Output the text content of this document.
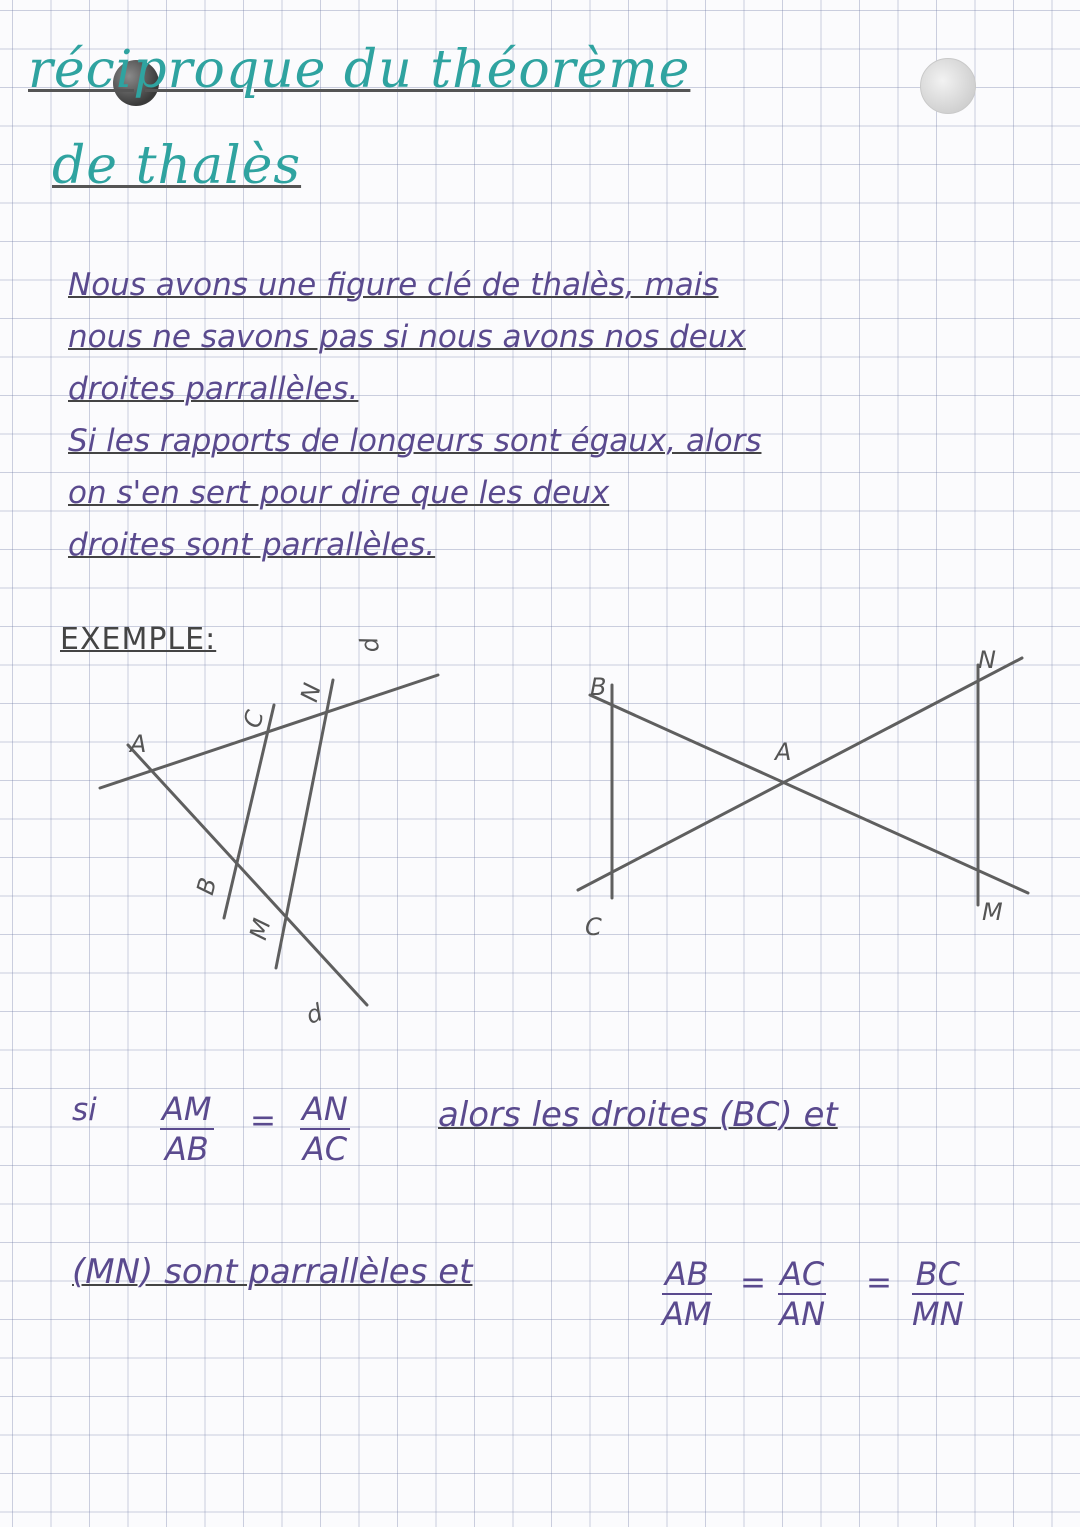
réciproque du théorème
de thalès
Nous avons une figure clé de thalès, mais
nous ne savons pas si nous avons nos deux
droites parrallèles.
Si les rapports de longeurs sont égaux, alors
on s'en sert pour dire que les deux
droites sont parrallèles.
EXEMPLE:
A
B
C
M
N
d
d
B
A
C
N
M
si $\frac{AM}{AB} = \frac{AN}{AC}$	alors les droites (BC) et
(MN) sont parrallèles et	$\frac{AB}{AM} = \frac{AC}{AN} = \frac{BC}{MN}$
